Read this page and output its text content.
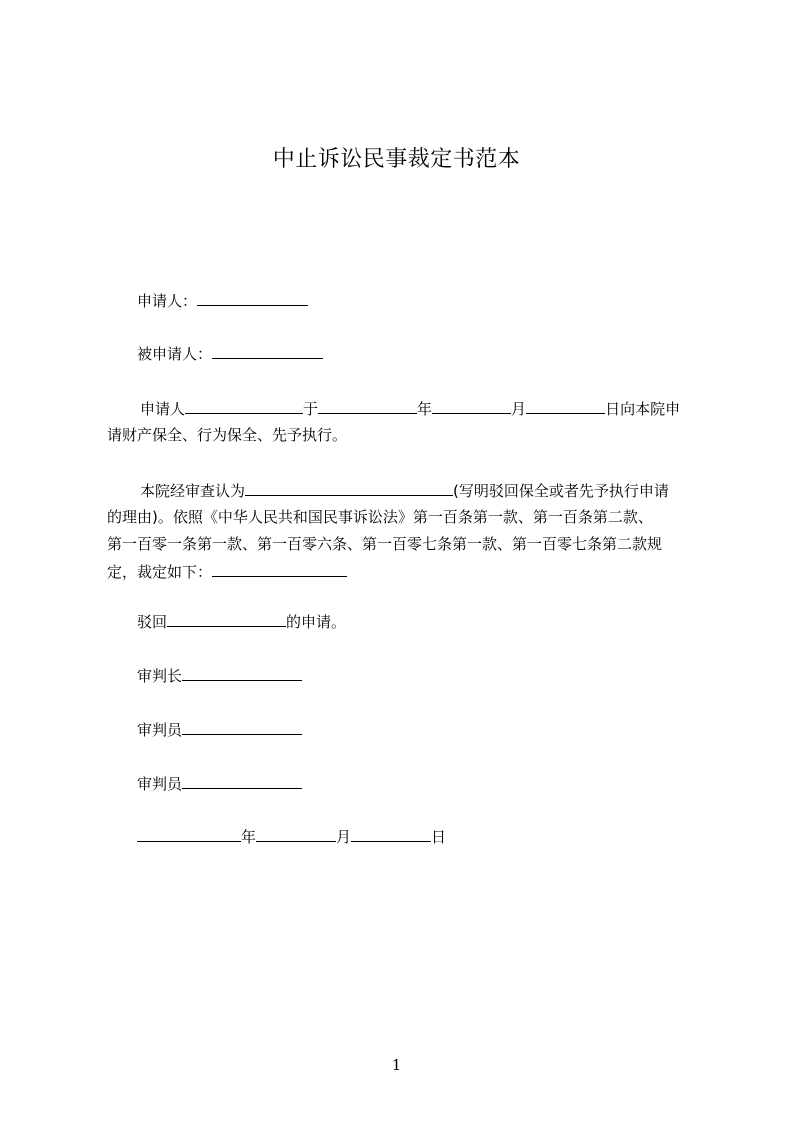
中止诉讼民事裁定书范本
申请人：
被申请人：
申请人	于	年	月	日向本院申
请财产保全、行为保全、先予执行。
本院经审查认为	(写明驳回保全或者先予执行申请
的理由)。依照《中华人民共和国民事诉讼法》第一百条第一款、第一百条第二款、
第一百零一条第一款、第一百零六条、第一百零七条第一款、第一百零七条第二款规
定，裁定如下：
驳回	的申请。
审判长
审判员
审判员
年	月	日
1
